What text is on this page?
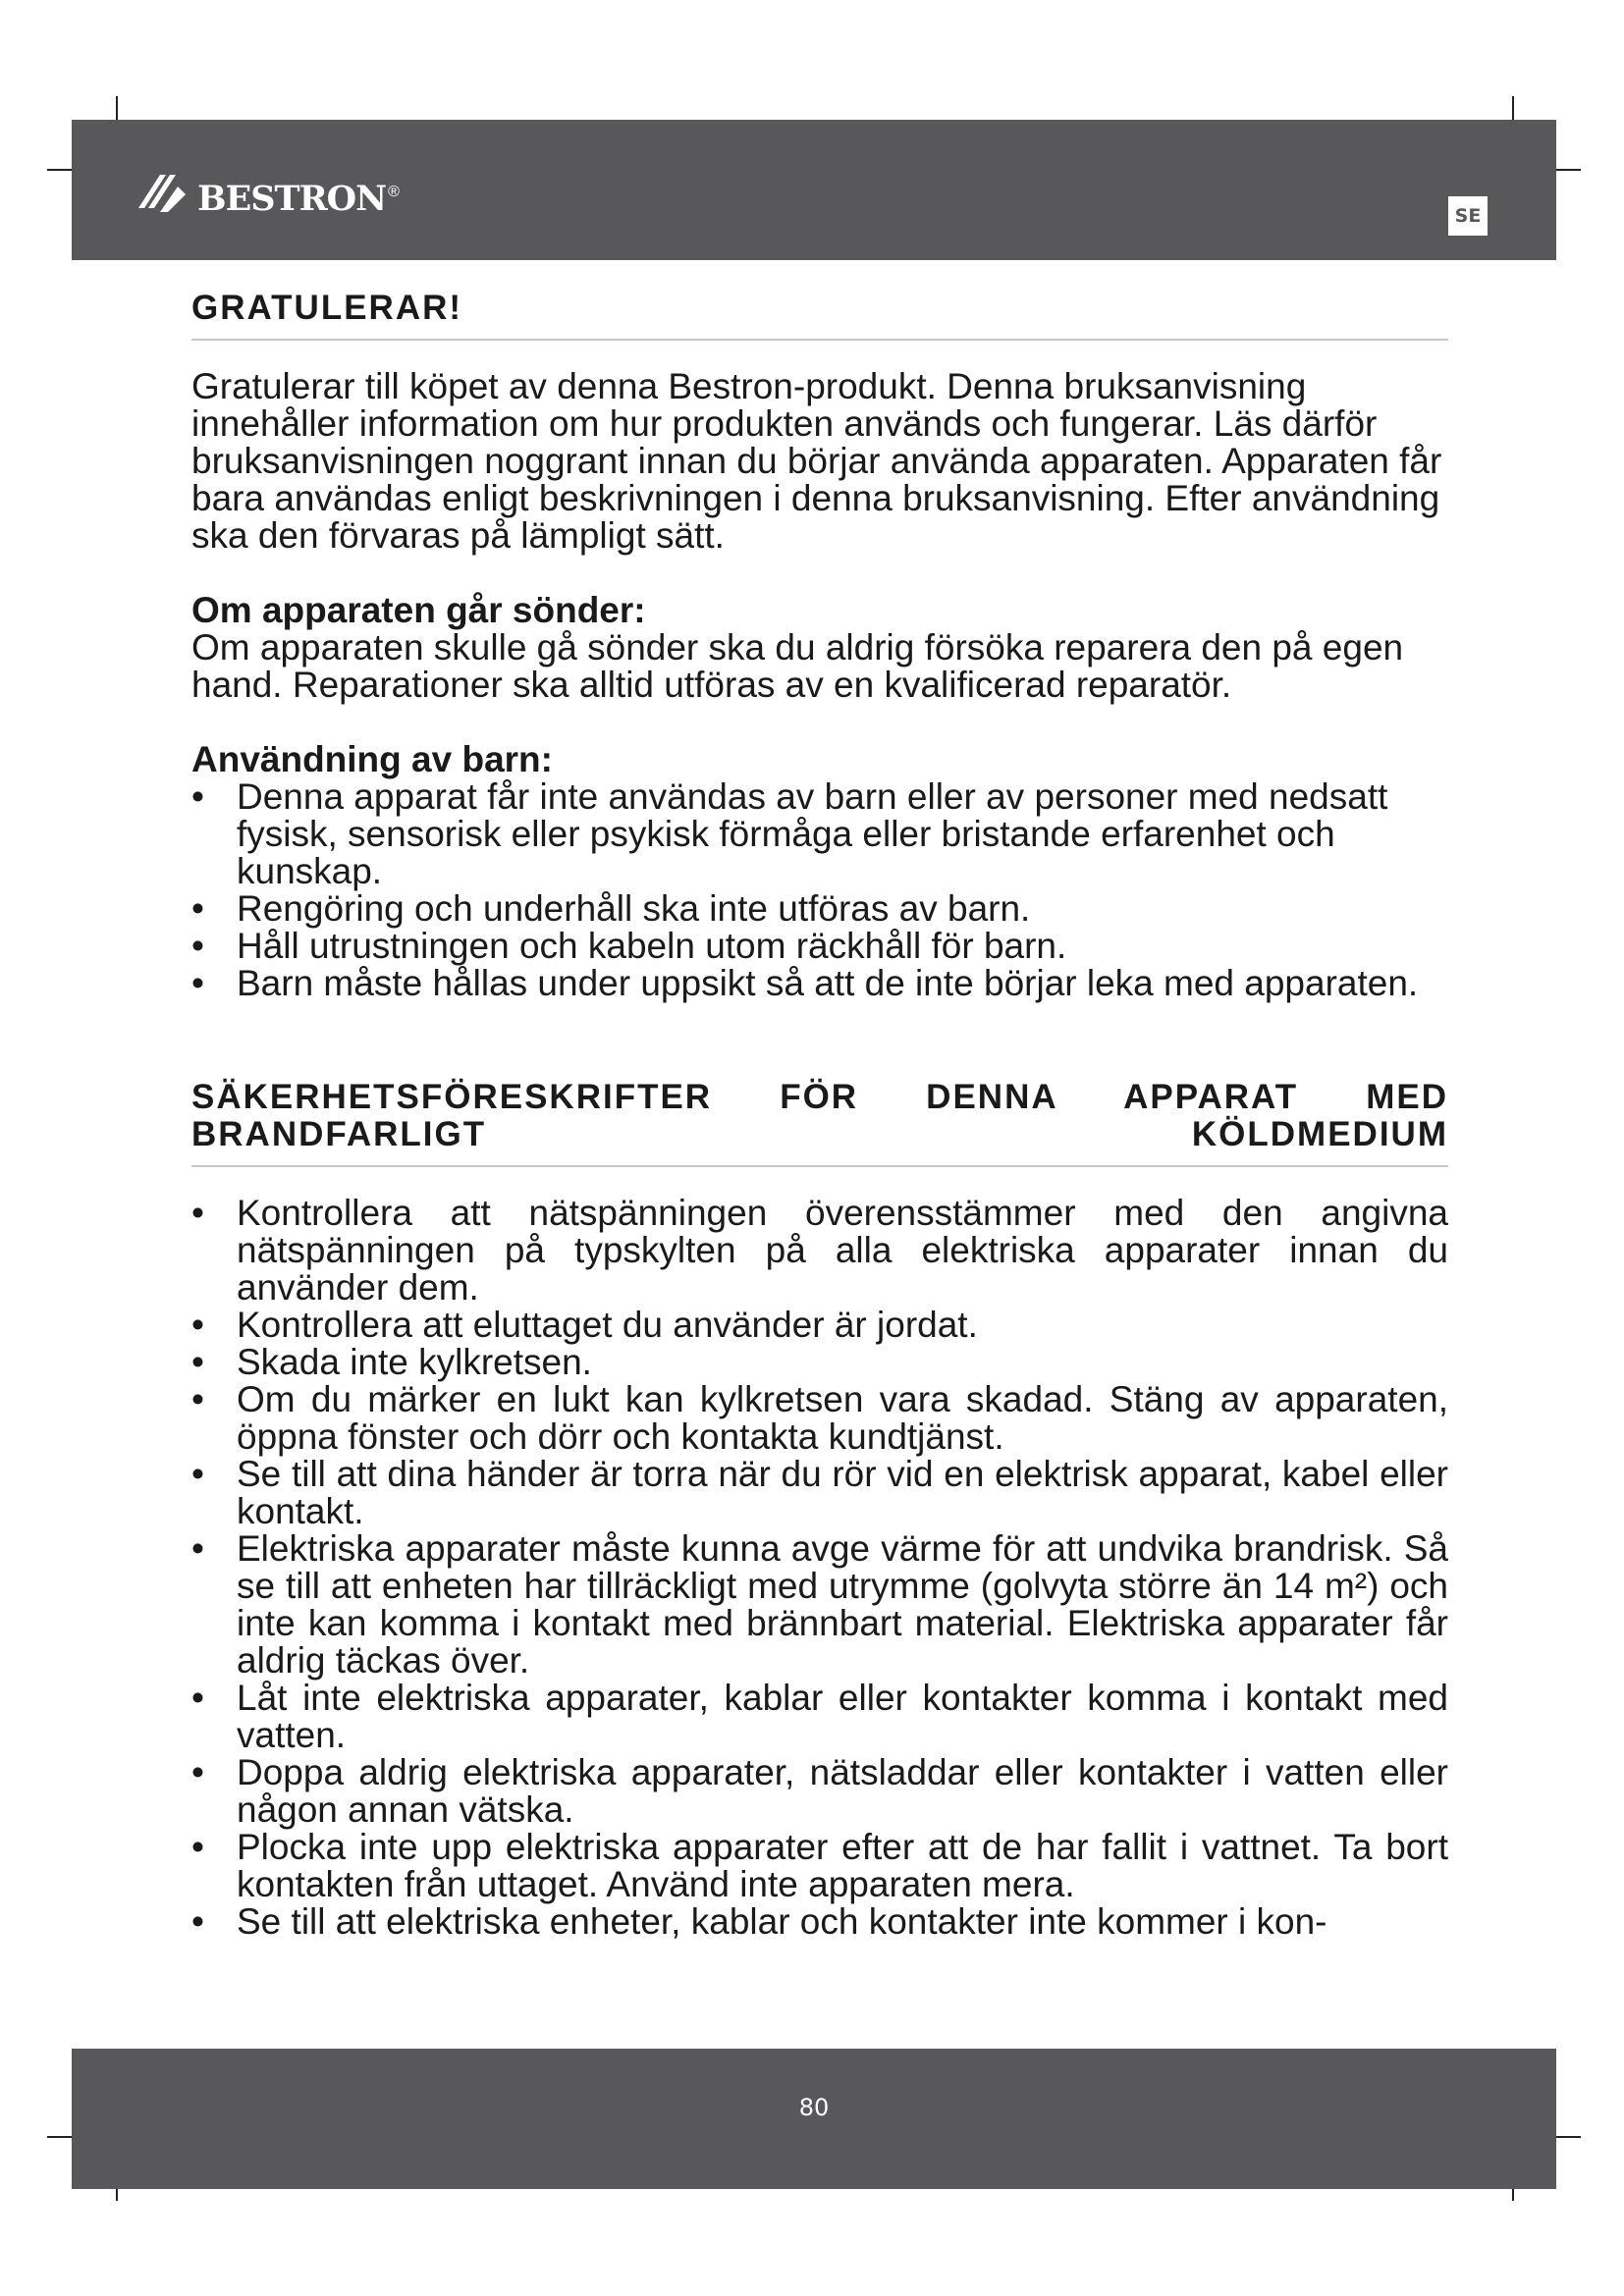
bestron ®
SE
GRATULERAR!

Gratulerar till köpet av denna Bestron-produkt. Denna bruksanvisning innehåller information om hur produkten används och fungerar. Läs därför bruksanvisningen noggrant innan du börjar använda apparaten. Apparaten får bara användas enligt beskrivningen i denna bruksanvisning. Efter användning ska den förvaras på lämpligt sätt.

Om apparaten går sönder:

Om apparaten skulle gå sönder ska du aldrig försöka reparera den på egen hand. Reparationer ska alltid utföras av en kvalificerad reparatör.

Användning av barn:
• Denna apparat får inte användas av barn eller av personer med nedsatt fysisk, sensorisk eller psykisk förmåga eller bristande erfarenhet och kunskap.
• Rengöring och underhåll ska inte utföras av barn.
• Håll utrustningen och kabeln utom räckhåll för barn.
• Barn måste hållas under uppsikt så att de inte börjar leka med apparaten.
SÄKERHETSFÖRESKRIFTER FÖR DENNA APPARAT MED BRANDFARLIGT KÖLDMEDIUM
• Kontrollera att nätspänningen överensstämmer med den angivna nätspänningen på typskylten på alla elektriska apparater innan du använder dem.
• Kontrollera att eluttaget du använder är jordat.
• Skada inte kylkretsen.
• Om du märker en lukt kan kylkretsen vara skadad. Stäng av apparaten, öppna fönster och dörr och kontakta kundtjänst.
• Se till att dina händer är torra när du rör vid en elektrisk apparat, kabel eller kontakt.
• Elektriska apparater måste kunna avge värme för att undvika brandrisk. Så se till att enheten har tillräckligt med utrymme (golvyta större än 14 m²) och inte kan komma i kontakt med brännbart material. Elektriska apparater får aldrig täckas över.
• Låt inte elektriska apparater, kablar eller kontakter komma i kontakt med vatten.
• Doppa aldrig elektriska apparater, nätsladdar eller kontakter i vatten eller någon annan vätska.
• Plocka inte upp elektriska apparater efter att de har fallit i vattnet. Ta bort kontakten från uttaget. Använd inte apparaten mera.
• Se till att elektriska enheter, kablar och kontakter inte kommer i kon-
80
